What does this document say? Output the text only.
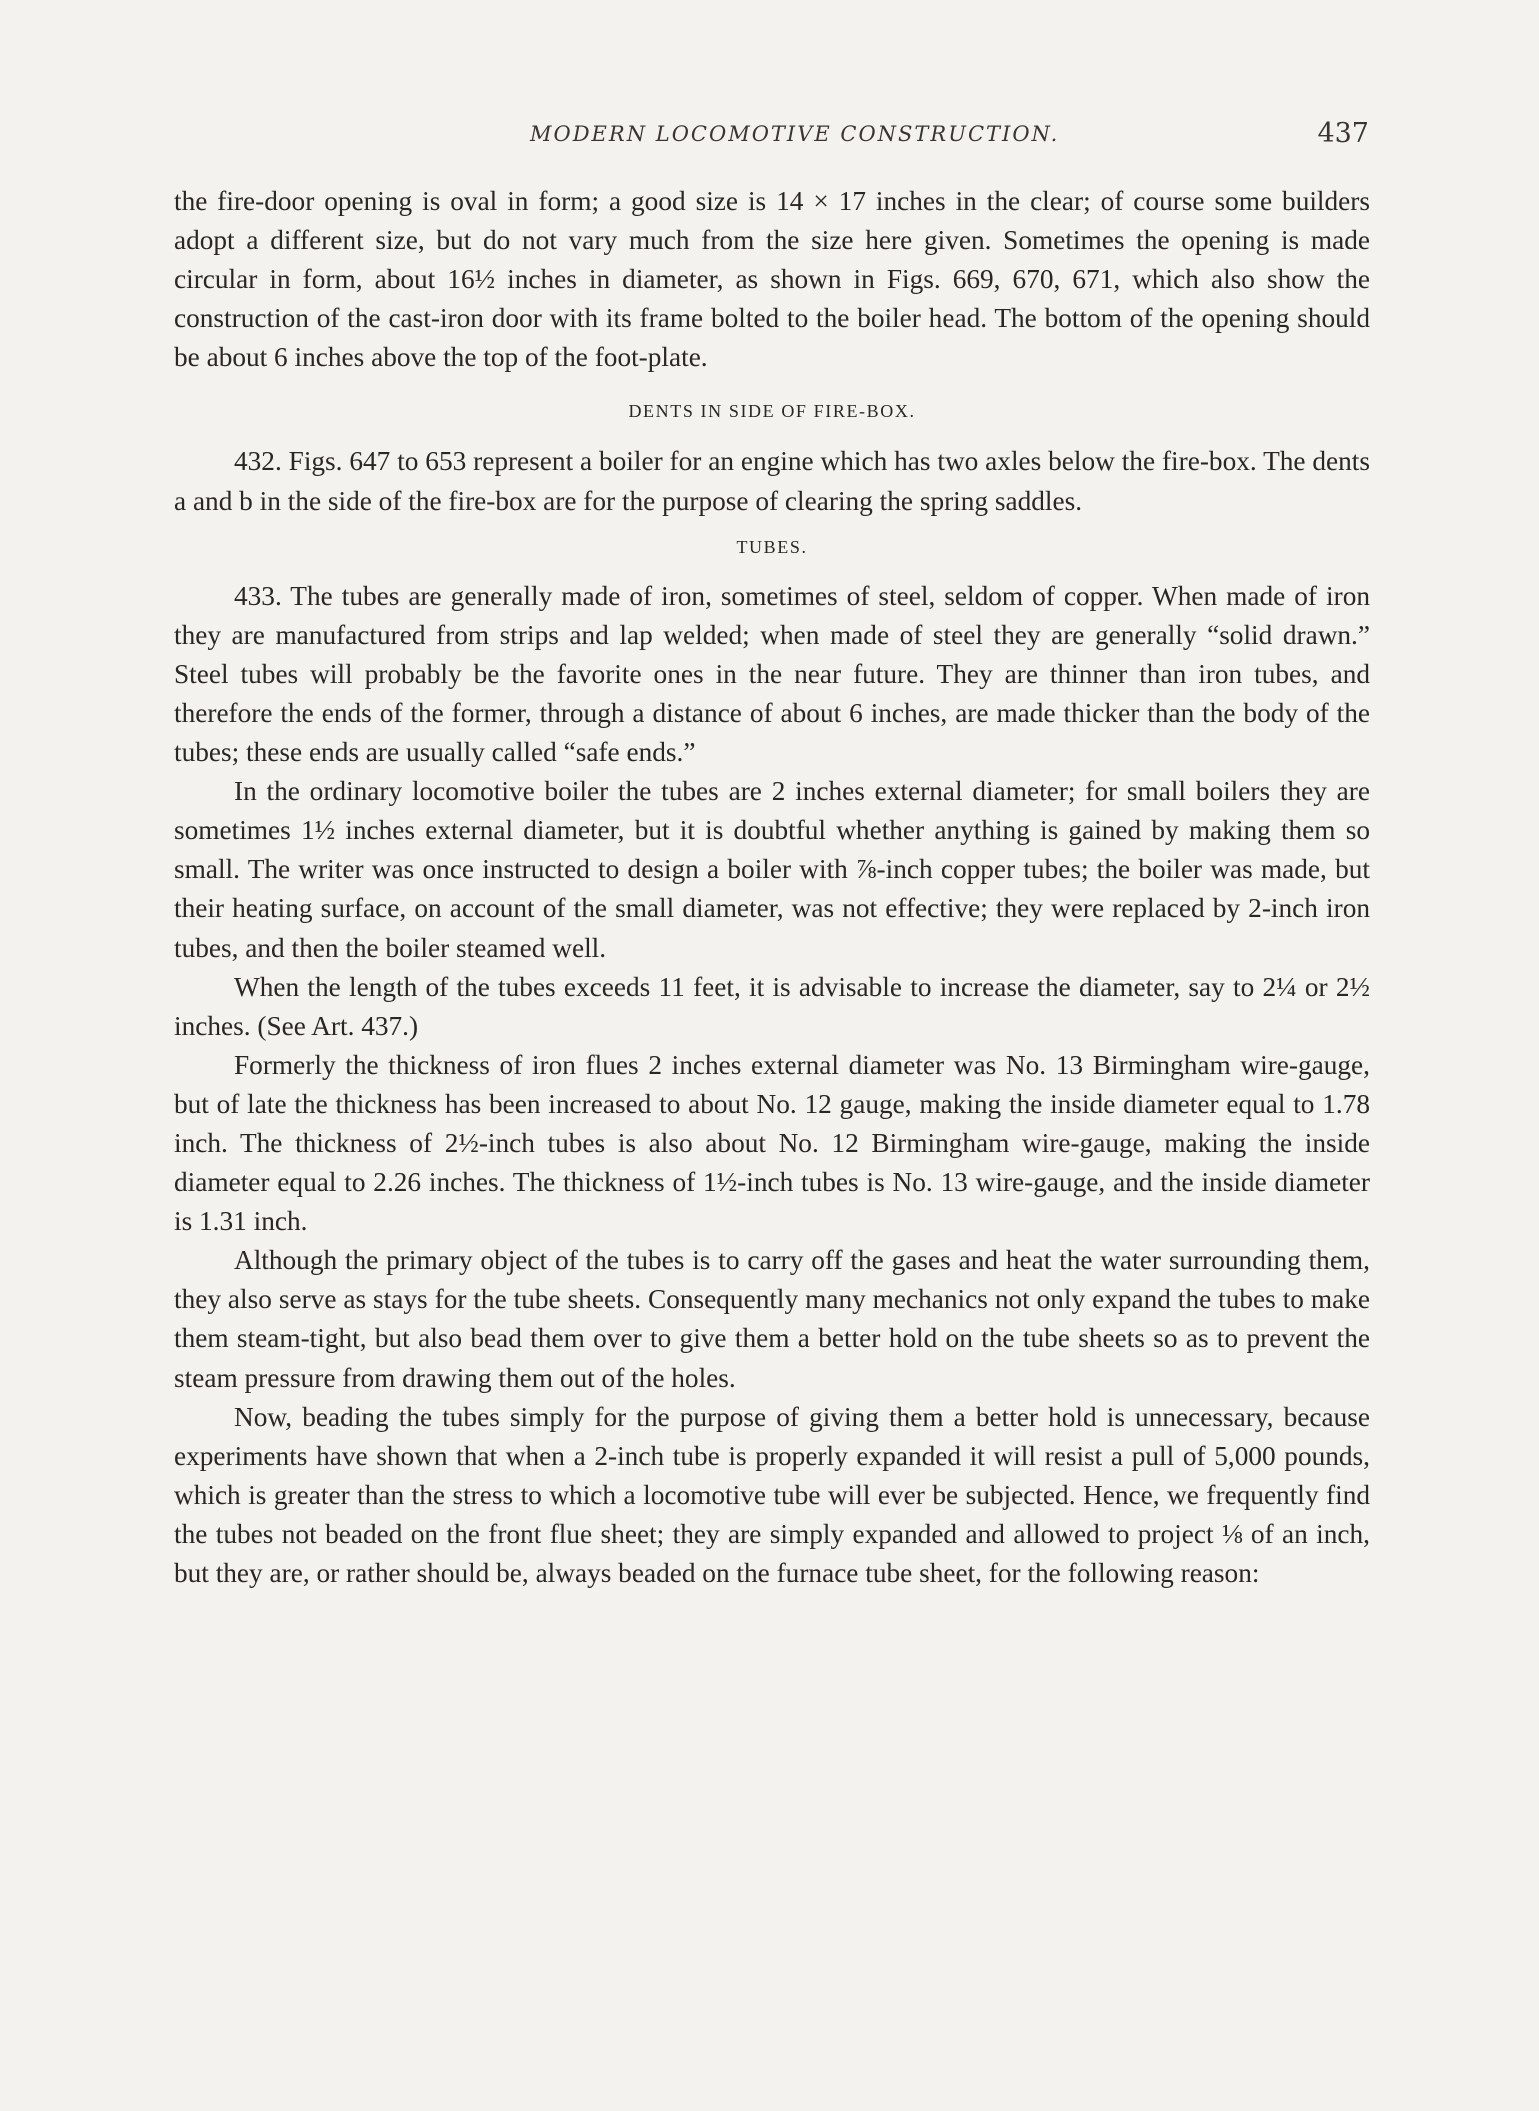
MODERN LOCOMOTIVE CONSTRUCTION.	437

the fire-door opening is oval in form; a good size is 14 × 17 inches in the clear; of course some builders adopt a different size, but do not vary much from the size here given. Sometimes the opening is made circular in form, about 16½ inches in diameter, as shown in Figs. 669, 670, 671, which also show the construction of the cast-iron door with its frame bolted to the boiler head. The bottom of the opening should be about 6 inches above the top of the foot-plate.

DENTS IN SIDE OF FIRE-BOX.

432. Figs. 647 to 653 represent a boiler for an engine which has two axles below the fire-box. The dents a and b in the side of the fire-box are for the purpose of clearing the spring saddles.

TUBES.

433. The tubes are generally made of iron, sometimes of steel, seldom of copper. When made of iron they are manufactured from strips and lap welded; when made of steel they are generally “solid drawn.” Steel tubes will probably be the favorite ones in the near future. They are thinner than iron tubes, and therefore the ends of the former, through a distance of about 6 inches, are made thicker than the body of the tubes; these ends are usually called “safe ends.”

In the ordinary locomotive boiler the tubes are 2 inches external diameter; for small boilers they are sometimes 1½ inches external diameter, but it is doubtful whether anything is gained by making them so small. The writer was once instructed to design a boiler with ⅞-inch copper tubes; the boiler was made, but their heating surface, on account of the small diameter, was not effective; they were replaced by 2-inch iron tubes, and then the boiler steamed well.

When the length of the tubes exceeds 11 feet, it is advisable to increase the diameter, say to 2¼ or 2½ inches. (See Art. 437.)

Formerly the thickness of iron flues 2 inches external diameter was No. 13 Birmingham wire-gauge, but of late the thickness has been increased to about No. 12 gauge, making the inside diameter equal to 1.78 inch. The thickness of 2½-inch tubes is also about No. 12 Birmingham wire-gauge, making the inside diameter equal to 2.26 inches. The thickness of 1½-inch tubes is No. 13 wire-gauge, and the inside diameter is 1.31 inch.

Although the primary object of the tubes is to carry off the gases and heat the water surrounding them, they also serve as stays for the tube sheets. Consequently many mechanics not only expand the tubes to make them steam-tight, but also bead them over to give them a better hold on the tube sheets so as to prevent the steam pressure from drawing them out of the holes.

Now, beading the tubes simply for the purpose of giving them a better hold is unnecessary, because experiments have shown that when a 2-inch tube is properly expanded it will resist a pull of 5,000 pounds, which is greater than the stress to which a locomotive tube will ever be subjected. Hence, we frequently find the tubes not beaded on the front flue sheet; they are simply expanded and allowed to project ⅛ of an inch, but they are, or rather should be, always beaded on the furnace tube sheet, for the following reason:
